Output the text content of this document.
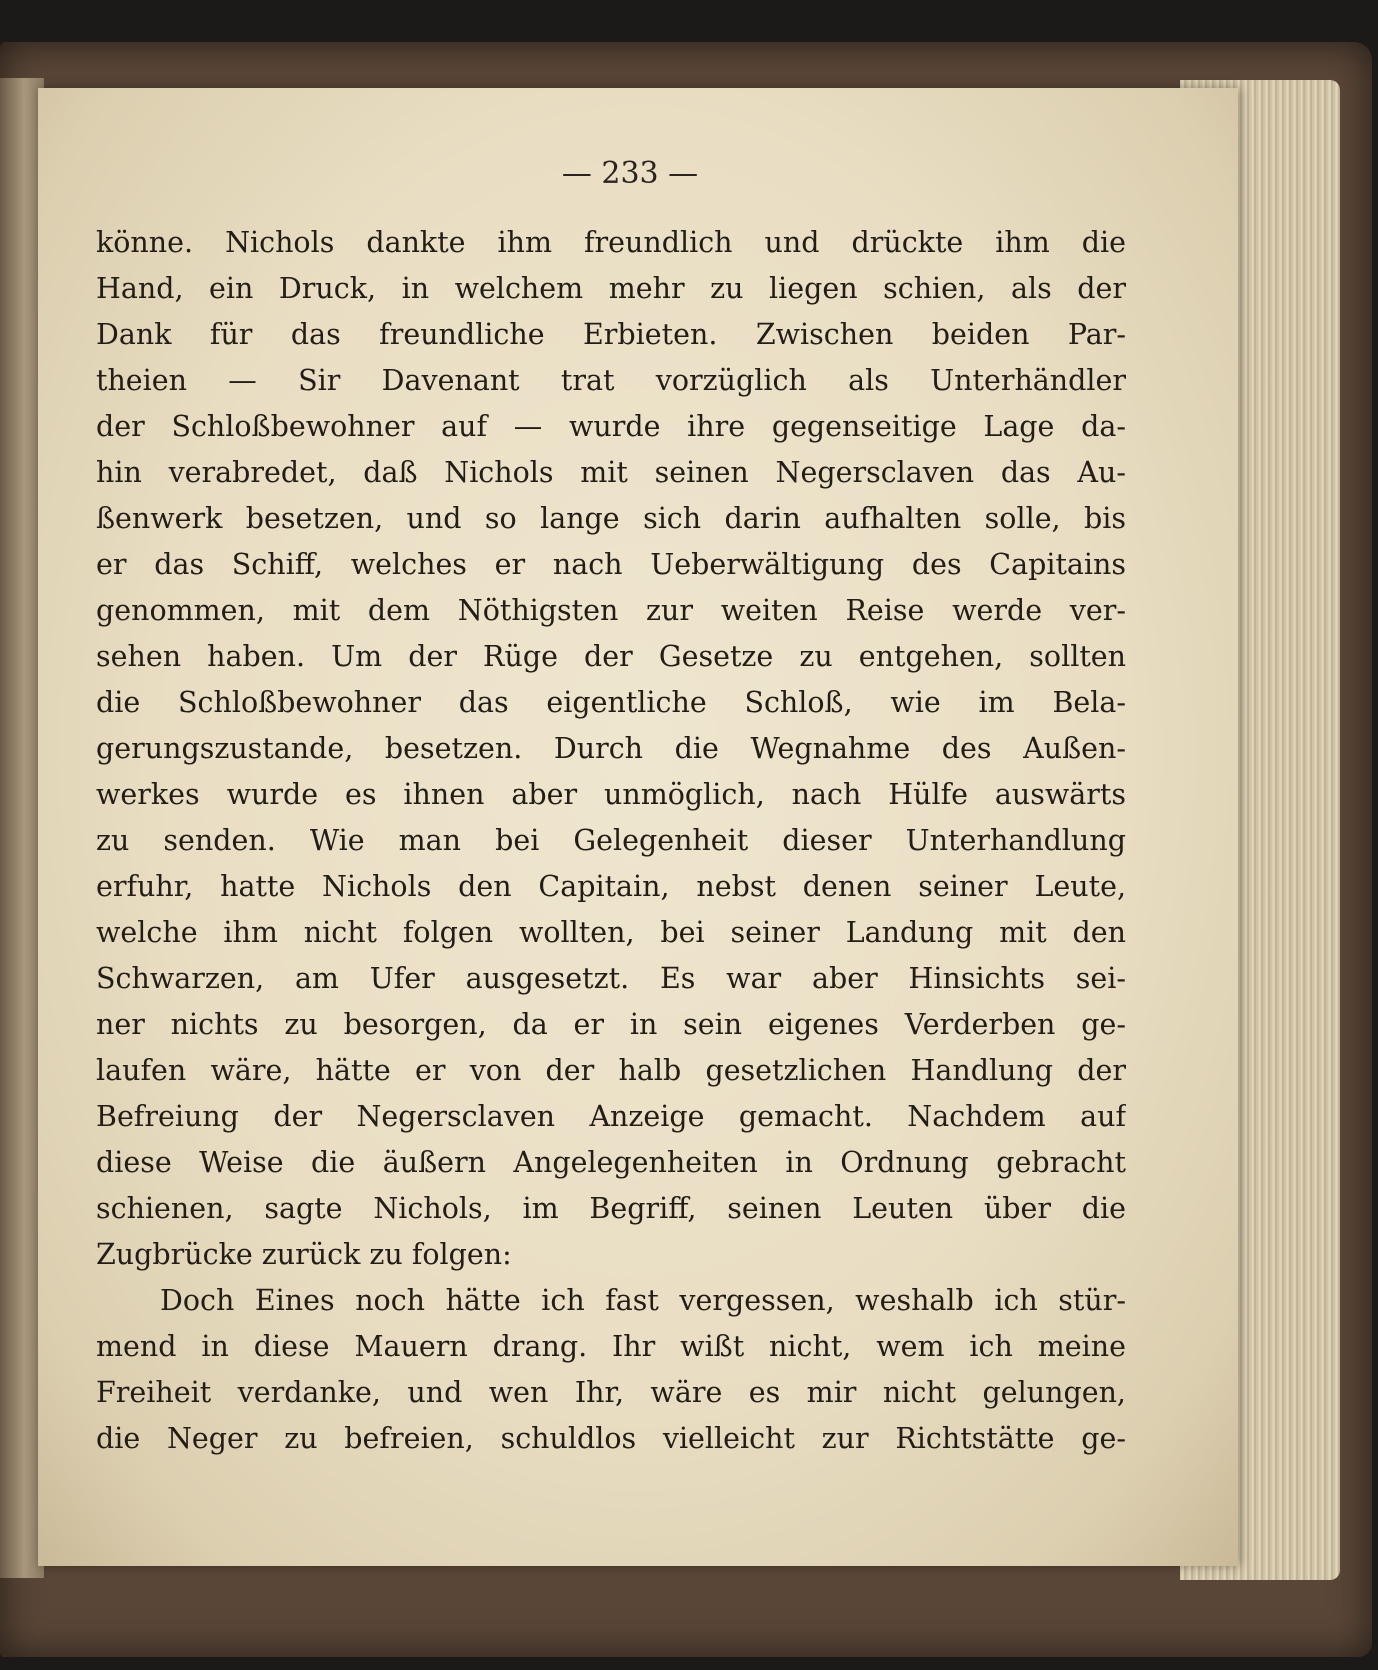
— 233 —
könne. Nichols dankte ihm freundlich und drückte ihm die
Hand, ein Druck, in welchem mehr zu liegen schien, als der
Dank für das freundliche Erbieten. Zwischen beiden Par-
theien — Sir Davenant trat vorzüglich als Unterhändler
der Schloßbewohner auf — wurde ihre gegenseitige Lage da-
hin verabredet, daß Nichols mit seinen Negersclaven das Au-
ßenwerk besetzen, und so lange sich darin aufhalten solle, bis
er das Schiff, welches er nach Ueberwältigung des Capitains
genommen, mit dem Nöthigsten zur weiten Reise werde ver-
sehen haben. Um der Rüge der Gesetze zu entgehen, sollten
die Schloßbewohner das eigentliche Schloß, wie im Bela-
gerungszustande, besetzen. Durch die Wegnahme des Außen-
werkes wurde es ihnen aber unmöglich, nach Hülfe auswärts
zu senden. Wie man bei Gelegenheit dieser Unterhandlung
erfuhr, hatte Nichols den Capitain, nebst denen seiner Leute,
welche ihm nicht folgen wollten, bei seiner Landung mit den
Schwarzen, am Ufer ausgesetzt. Es war aber Hinsichts sei-
ner nichts zu besorgen, da er in sein eigenes Verderben ge-
laufen wäre, hätte er von der halb gesetzlichen Handlung der
Befreiung der Negersclaven Anzeige gemacht. Nachdem auf
diese Weise die äußern Angelegenheiten in Ordnung gebracht
schienen, sagte Nichols, im Begriff, seinen Leuten über die
Zugbrücke zurück zu folgen:
Doch Eines noch hätte ich fast vergessen, weshalb ich stür-
mend in diese Mauern drang. Ihr wißt nicht, wem ich meine
Freiheit verdanke, und wen Ihr, wäre es mir nicht gelungen,
die Neger zu befreien, schuldlos vielleicht zur Richtstätte ge-
